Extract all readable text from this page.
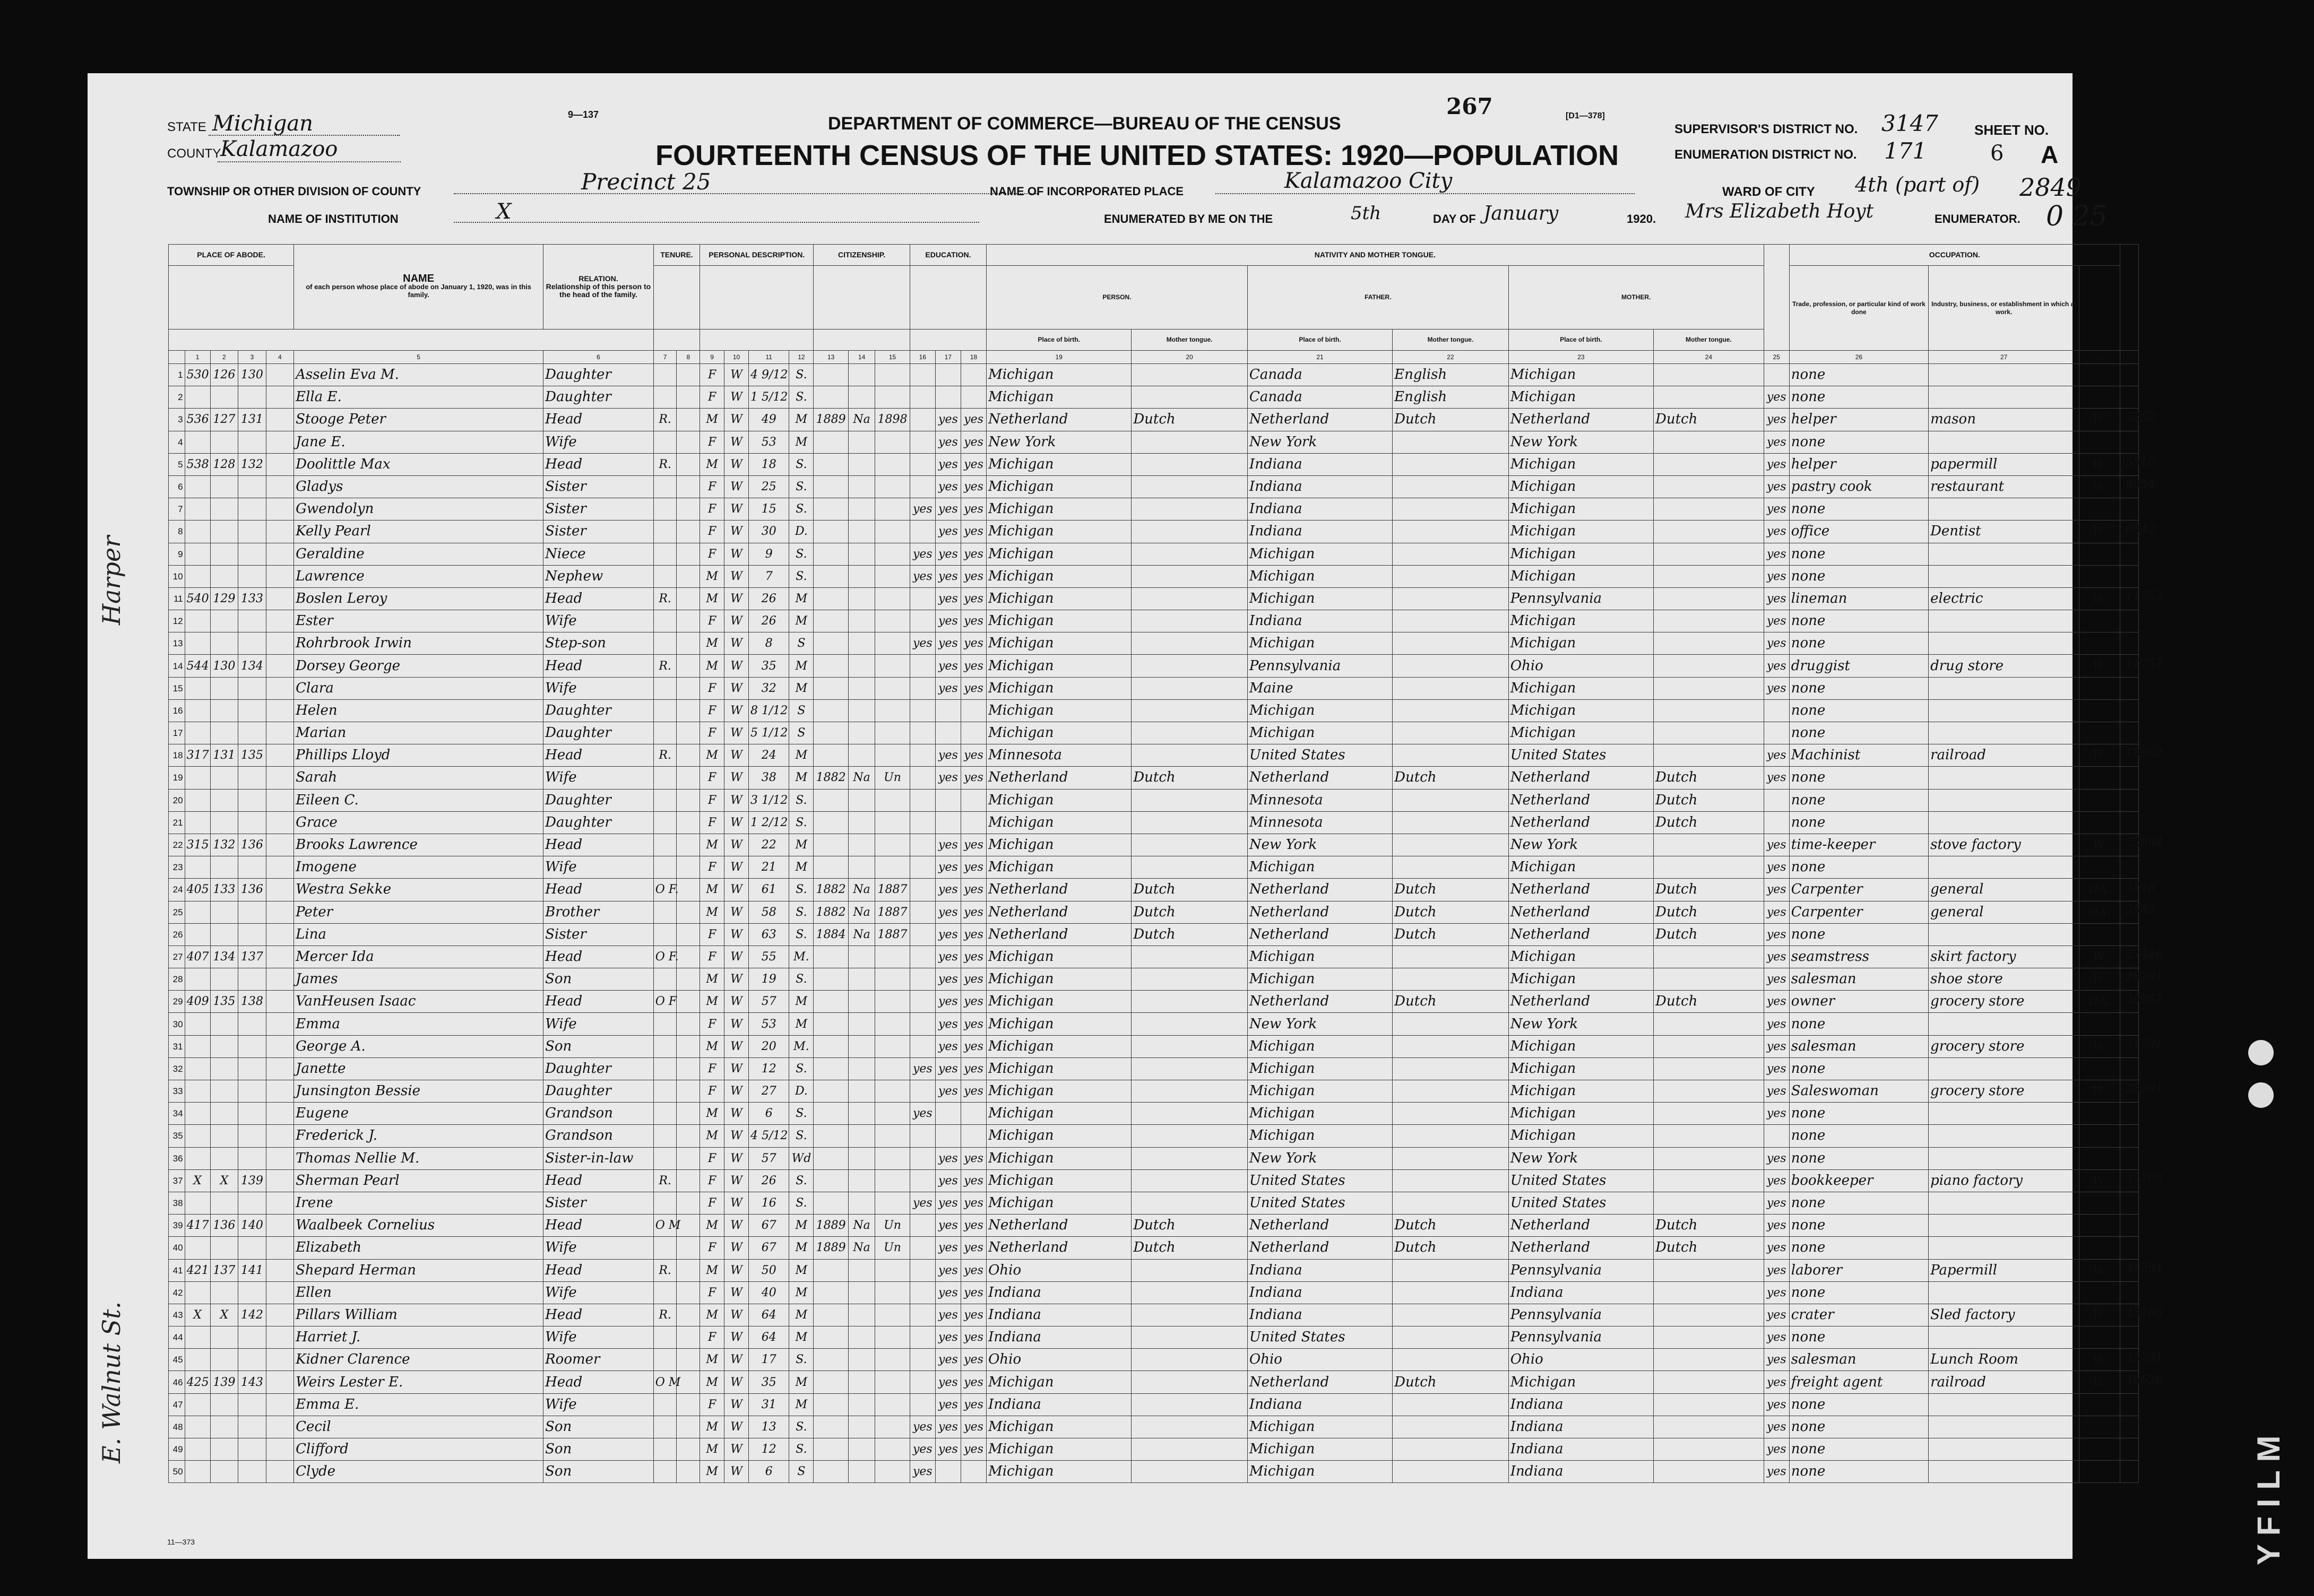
STATE Michigan
COUNTY
Kalamazoo
9—137	267	[D1—378]
DEPARTMENT OF COMMERCE—BUREAU OF THE CENSUS
FOURTEENTH CENSUS OF THE UNITED STATES: 1920—POPULATION
SUPERVISOR'S DISTRICT NO. 3147
ENUMERATION DISTRICT NO. 171
SHEET NO.
6 A
TOWNSHIP OR OTHER DIVISION OF COUNTY	Precinct 25	NAME OF INCORPORATED PLACE	Kalamazoo City	WARD OF CITY 4th (part of) 2849
NAME OF INSTITUTION	X	ENUMERATED BY ME ON THE	5th	DAY OF January	1920. Mrs Elizabeth Hoyt	ENUMERATOR. 0 25
PLACE OF ABODE.					NAME
of each person whose place of abode on January 1, 1920, was in this family.	RELATION.
Relationship of this person to the head of the family.	TENURE.		PERSONAL DESCRIPTION.				CITIZENSHIP.			EDUCATION.			NATIVITY AND MOTHER TONGUE.							OCCUPATION.			
																			PERSON.		FATHER.		MOTHER.			Trade, profession, or particular kind of work done	Industry, business, or establishment in which at work.		
																			Place of birth.	Mother tongue.	Place of birth.	Mother tongue.	Place of birth.	Mother tongue.					
	1	2	3	4	5	6	7	8	9	10	11	12	13	14	15	16	17	18	19	20	21	22	23	24	25	26	27	28	29
1	530	126	130		Asselin Eva M.	Daughter			F	W	4 9/12	S.							Michigan		Canada	English	Michigan			none			
2					Ella E.	Daughter			F	W	1 5/12	S.							Michigan		Canada	English	Michigan		yes	none			
3	536	127	131		Stooge Peter	Head	R.		M	W	49	M	1889	Na	1898		yes	yes	Netherland	Dutch	Netherland	Dutch	Netherland	Dutch	yes	helper	mason	W.	
4					Jane E.	Wife			F	W	53	M					yes	yes	New York		New York		New York		yes	none			
5	538	128	132		Doolittle Max	Head	R.		M	W	18	S.					yes	yes	Michigan		Indiana		Michigan		yes	helper	papermill	W.	
6					Gladys	Sister			F	W	25	S.					yes	yes	Michigan		Indiana		Michigan		yes	pastry cook	restaurant	W.	
7					Gwendolyn	Sister			F	W	15	S.				yes	yes	yes	Michigan		Indiana		Michigan		yes	none			
8					Kelly Pearl	Sister			F	W	30	D.					yes	yes	Michigan		Indiana		Michigan		yes	office	Dentist	W.	
9					Geraldine	Niece			F	W	9	S.				yes	yes	yes	Michigan		Michigan		Michigan		yes	none			
10					Lawrence	Nephew			M	W	7	S.				yes	yes	yes	Michigan		Michigan		Michigan		yes	none			
11	540	129	133		Boslen Leroy	Head	R.		M	W	26	M					yes	yes	Michigan		Michigan		Pennsylvania		yes	lineman	electric	W.	
12					Ester	Wife			F	W	26	M					yes	yes	Michigan		Indiana		Michigan		yes	none			
13					Rohrbrook Irwin	Step-son			M	W	8	S				yes	yes	yes	Michigan		Michigan		Michigan		yes	none			
14	544	130	134		Dorsey George	Head	R.		M	W	35	M					yes	yes	Michigan		Pennsylvania		Ohio		yes	druggist	drug store	W.	
15					Clara	Wife			F	W	32	M					yes	yes	Michigan		Maine		Michigan		yes	none			
16					Helen	Daughter			F	W	8 1/12	S							Michigan		Michigan		Michigan			none			
17					Marian	Daughter			F	W	5 1/12	S							Michigan		Michigan		Michigan			none			
18	317	131	135		Phillips Lloyd	Head	R.		M	W	24	M					yes	yes	Minnesota		United States		United States		yes	Machinist	railroad	W.	
19					Sarah	Wife			F	W	38	M	1882	Na	Un		yes	yes	Netherland	Dutch	Netherland	Dutch	Netherland	Dutch	yes	none			
20					Eileen C.	Daughter			F	W	3 1/12	S.							Michigan		Minnesota		Netherland	Dutch		none			
21					Grace	Daughter			F	W	1 2/12	S.							Michigan		Minnesota		Netherland	Dutch		none			
22	315	132	136		Brooks Lawrence	Head			M	W	22	M					yes	yes	Michigan		New York		New York		yes	time-keeper	stove factory	W.	
23					Imogene	Wife			F	W	21	M					yes	yes	Michigan		Michigan		Michigan		yes	none			
24	405	133	136		Westra Sekke	Head	O F.		M	W	61	S.	1882	Na	1887		yes	yes	Netherland	Dutch	Netherland	Dutch	Netherland	Dutch	yes	Carpenter	general	OA.	
25					Peter	Brother			M	W	58	S.	1882	Na	1887		yes	yes	Netherland	Dutch	Netherland	Dutch	Netherland	Dutch	yes	Carpenter	general	OA.	
26					Lina	Sister			F	W	63	S.	1884	Na	1887		yes	yes	Netherland	Dutch	Netherland	Dutch	Netherland	Dutch	yes	none			
27	407	134	137		Mercer Ida	Head	O F.		F	W	55	M.					yes	yes	Michigan		Michigan		Michigan		yes	seamstress	skirt factory	W.	
28					James	Son			M	W	19	S.					yes	yes	Michigan		Michigan		Michigan		yes	salesman	shoe store	W.	
29	409	135	138		VanHeusen Isaac	Head	O F		M	W	57	M					yes	yes	Michigan		Netherland	Dutch	Netherland	Dutch	yes	owner	grocery store	OA.	
30					Emma	Wife			F	W	53	M					yes	yes	Michigan		New York		New York		yes	none			
31					George A.	Son			M	W	20	M.					yes	yes	Michigan		Michigan		Michigan		yes	salesman	grocery store	W.	
32					Janette	Daughter			F	W	12	S.				yes	yes	yes	Michigan		Michigan		Michigan		yes	none			
33					Junsington Bessie	Daughter			F	W	27	D.					yes	yes	Michigan		Michigan		Michigan		yes	Saleswoman	grocery store	W.	
34					Eugene	Grandson			M	W	6	S.				yes			Michigan		Michigan		Michigan		yes	none			
35					Frederick J.	Grandson			M	W	4 5/12	S.							Michigan		Michigan		Michigan			none			
36					Thomas Nellie M.	Sister-in-law			F	W	57	Wd					yes	yes	Michigan		New York		New York		yes	none			
37	X	X	139		Sherman Pearl	Head	R.		F	W	26	S.					yes	yes	Michigan		United States		United States		yes	bookkeeper	piano factory	W.	
38					Irene	Sister			F	W	16	S.				yes	yes	yes	Michigan		United States		United States		yes	none			
39	417	136	140		Waalbeek Cornelius	Head	O M		M	W	67	M	1889	Na	Un		yes	yes	Netherland	Dutch	Netherland	Dutch	Netherland	Dutch	yes	none			
40					Elizabeth	Wife			F	W	67	M	1889	Na	Un		yes	yes	Netherland	Dutch	Netherland	Dutch	Netherland	Dutch	yes	none			
41	421	137	141		Shepard Herman	Head	R.		M	W	50	M					yes	yes	Ohio		Indiana		Pennsylvania		yes	laborer	Papermill	W.	
42					Ellen	Wife			F	W	40	M					yes	yes	Indiana		Indiana		Indiana		yes	none			
43	X	X	142		Pillars William	Head	R.		M	W	64	M					yes	yes	Indiana		Indiana		Pennsylvania		yes	crater	Sled factory	W.	
44					Harriet J.	Wife			F	W	64	M					yes	yes	Indiana		United States		Pennsylvania		yes	none			
45					Kidner Clarence	Roomer			M	W	17	S.					yes	yes	Ohio		Ohio		Ohio		yes	salesman	Lunch Room	W.	
46	425	139	143		Weirs Lester E.	Head	O M		M	W	35	M					yes	yes	Michigan		Netherland	Dutch	Michigan		yes	freight agent	railroad	W.	
47					Emma E.	Wife			F	W	31	M					yes	yes	Indiana		Indiana		Indiana		yes	none			
48					Cecil	Son			M	W	13	S.				yes	yes	yes	Michigan		Michigan		Indiana		yes	none			
49					Clifford	Son			M	W	12	S.				yes	yes	yes	Michigan		Michigan		Indiana		yes	none			
50					Clyde	Son			M	W	6	S				yes			Michigan		Michigan		Indiana		yes	none			
3252
5510
6954
8842
11552
14757
18362
22894
2448
2548
27446
28791
29767
31791
33791
37788
41294
43480
45791
46629
Harper
E. Walnut St.
11—373	Y F I L M
